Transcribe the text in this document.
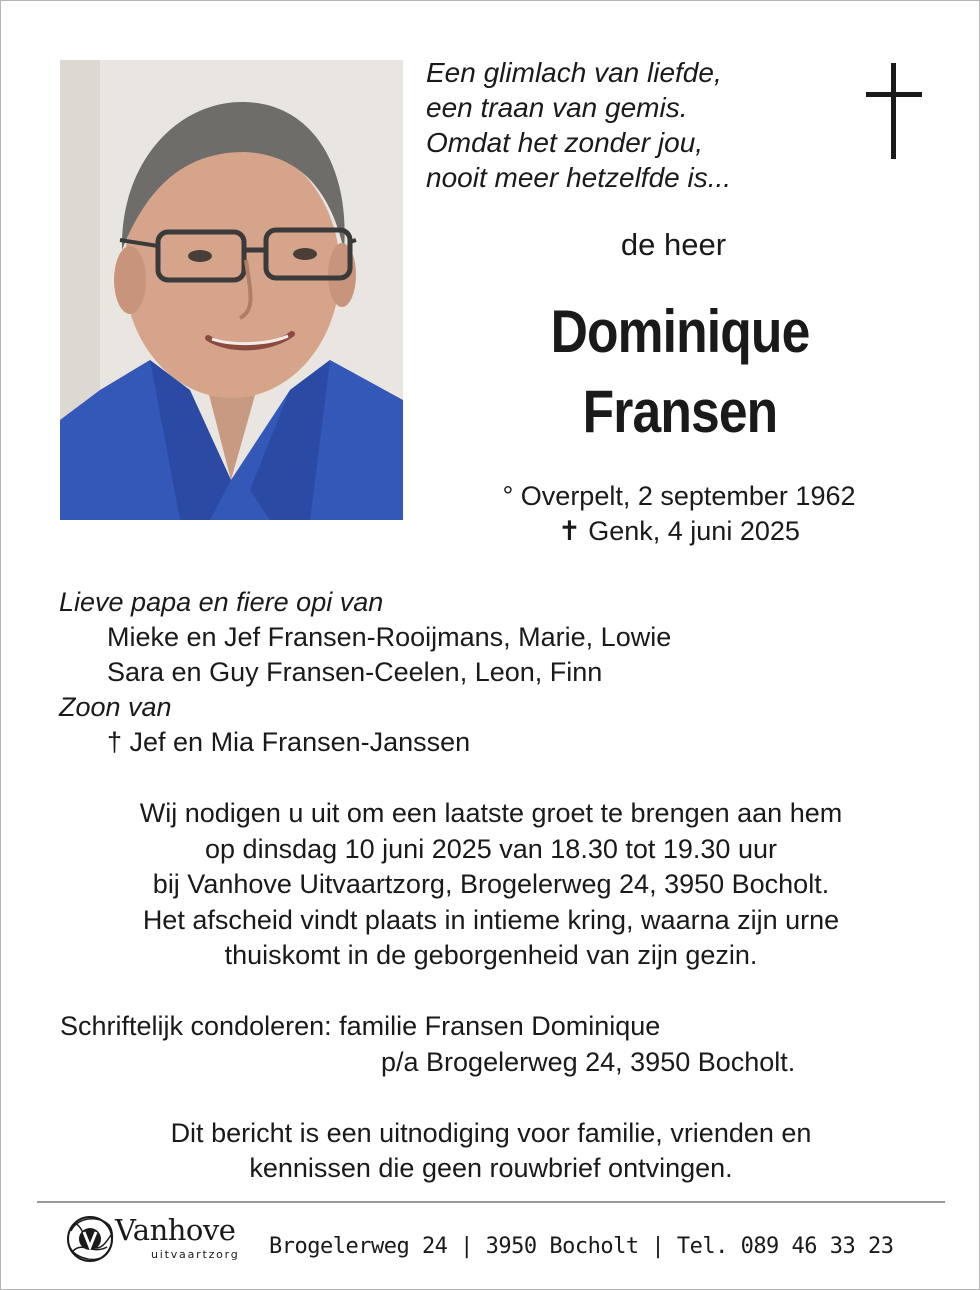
Een glimlach van liefde,
een traan van gemis.
Omdat het zonder jou,
nooit meer hetzelfde is...
de heer
Dominique
Fransen
° Overpelt, 2 september 1962
✝ Genk, 4 juni 2025
Lieve papa en fiere opi van
Mieke en Jef Fransen-Rooijmans, Marie, Lowie
Sara en Guy Fransen-Ceelen, Leon, Finn
Zoon van
† Jef en Mia Fransen-Janssen
Wij nodigen u uit om een laatste groet te brengen aan hem
op dinsdag 10 juni 2025 van 18.30 tot 19.30 uur
bij Vanhove Uitvaartzorg, Brogelerweg 24, 3950 Bocholt.
Het afscheid vindt plaats in intieme kring, waarna zijn urne
thuiskomt in de geborgenheid van zijn gezin.
Schriftelijk condoleren: familie Fransen Dominique
p/a Brogelerweg 24, 3950 Bocholt.
Dit bericht is een uitnodiging voor familie, vrienden en
kennissen die geen rouwbrief ontvingen.
Vanhove
uitvaartzorg Brogelerweg 24 | 3950 Bocholt | Tel. 089 46 33 23
